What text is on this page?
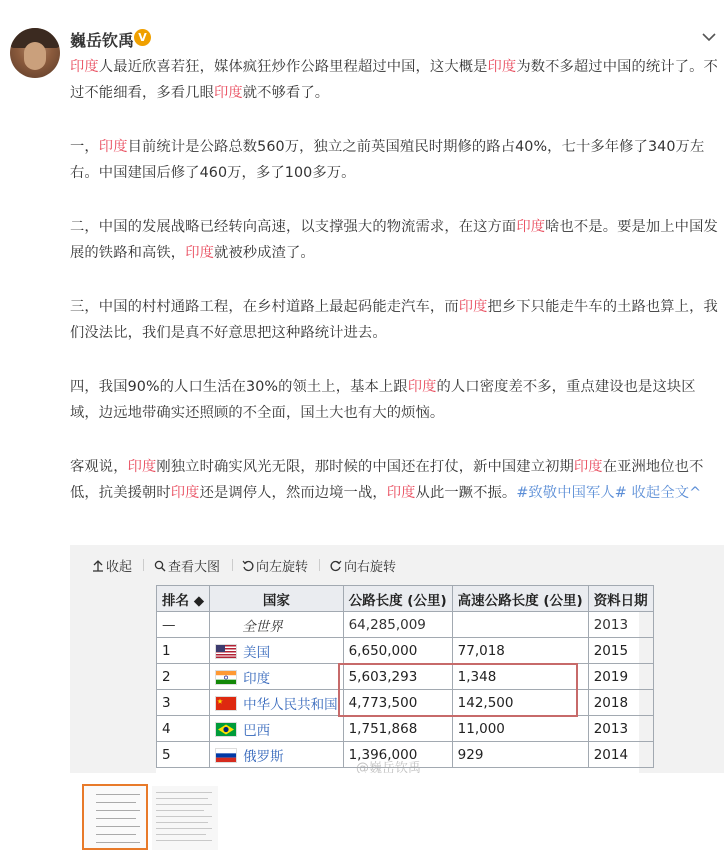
巍岳钦禹 V

印度人最近欣喜若狂，媒体疯狂炒作公路里程超过中国，这大概是印度为数不多超过中国的统计了。不过不能细看，多看几眼印度就不够看了。

一，印度目前统计是公路总数560万，独立之前英国殖民时期修的路占40%，七十多年修了340万左右。中国建国后修了460万，多了100多万。

二，中国的发展战略已经转向高速，以支撑强大的物流需求，在这方面印度啥也不是。要是加上中国发展的铁路和高铁，印度就被秒成渣了。

三，中国的村村通路工程，在乡村道路上最起码能走汽车，而印度把乡下只能走牛车的土路也算上，我们没法比，我们是真不好意思把这种路统计进去。

四，我国90%的人口生活在30%的领土上，基本上跟印度的人口密度差不多，重点建设也是这块区域，边远地带确实还照顾的不全面，国土大也有大的烦恼。

客观说，印度刚独立时确实风光无限，那时候的中国还在打仗，新中国建立初期印度在亚洲地位也不低，抗美援朝时印度还是调停人，然而边境一战，印度从此一蹶不振。#致敬中国军人# 收起全文^

收起	查看大图	向左旋转	向右旋转
排名 ◆	国家	公路长度 (公里)	高速公路长度 (公里)	资料日期
—	全世界	64,285,009		2013
1	美国	6,650,000	77,018	2015
2	印度	5,603,293	1,348	2019
3	中华人民共和国	4,773,500	142,500	2018
4	巴西	1,751,868	11,000	2013
5	俄罗斯	1,396,000	929	2014
@巍岳钦禹
